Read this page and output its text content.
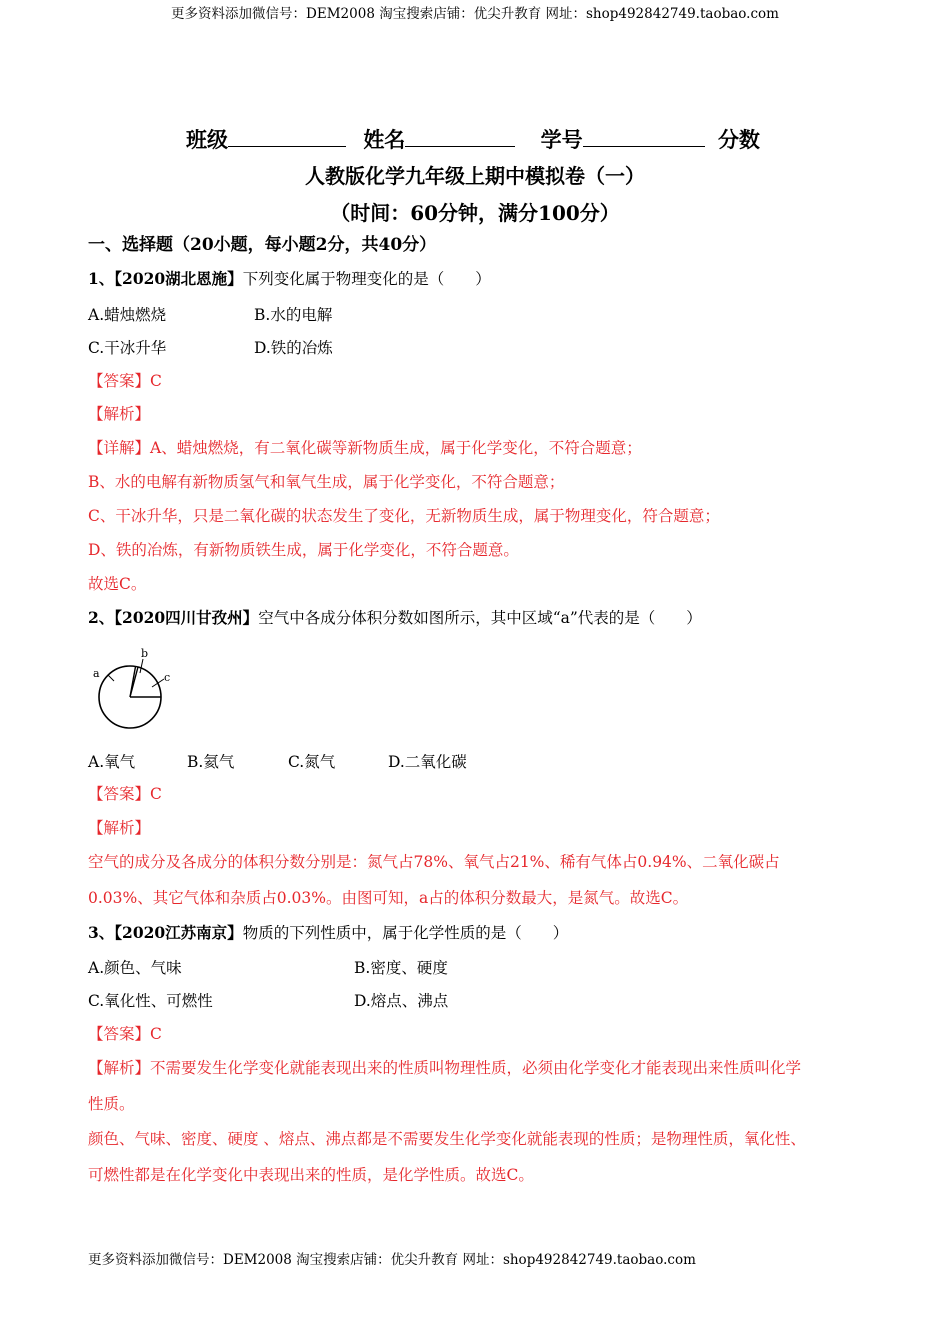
更多资料添加微信号：DEM2008 淘宝搜索店铺：优尖升教育 网址：shop492842749.taobao.com
班级	姓名	学号	分数
人教版化学九年级上期中模拟卷（一）
（时间：60分钟，满分100分）
一、选择题（20小题，每小题2分，共40分）
1、【2020湖北恩施】下列变化属于物理变化的是（　　）
A.蜡烛燃烧	B.水的电解
C.干冰升华	D.铁的冶炼
【答案】C
【解析】
【详解】A、蜡烛燃烧，有二氧化碳等新物质生成，属于化学变化，不符合题意；
B、水的电解有新物质氢气和氧气生成，属于化学变化，不符合题意；
C、干冰升华，只是二氧化碳的状态发生了变化，无新物质生成，属于物理变化，符合题意；
D、铁的冶炼，有新物质铁生成，属于化学变化，不符合题意。
故选C。
2、【2020四川甘孜州】空气中各成分体积分数如图所示，其中区域“a”代表的是（　　）
a
b
c
A.氧气	B.氦气	C.氮气	D.二氧化碳
【答案】C
【解析】
空气的成分及各成分的体积分数分别是：氮气占78%、氧气占21%、稀有气体占0.94%、二氧化碳占
0.03%、其它气体和杂质占0.03%。由图可知，a占的体积分数最大，是氮气。故选C。
3、【2020江苏南京】物质的下列性质中，属于化学性质的是（　　）
A.颜色、气味	B.密度、硬度
C.氧化性、可燃性	D.熔点、沸点
【答案】C
【解析】不需要发生化学变化就能表现出来的性质叫物理性质，必须由化学变化才能表现出来性质叫化学
性质。
颜色、气味、密度、硬度 、熔点、沸点都是不需要发生化学变化就能表现的性质；是物理性质，氧化性、
可燃性都是在化学变化中表现出来的性质，是化学性质。故选C。
更多资料添加微信号：DEM2008 淘宝搜索店铺：优尖升教育 网址：shop492842749.taobao.com
